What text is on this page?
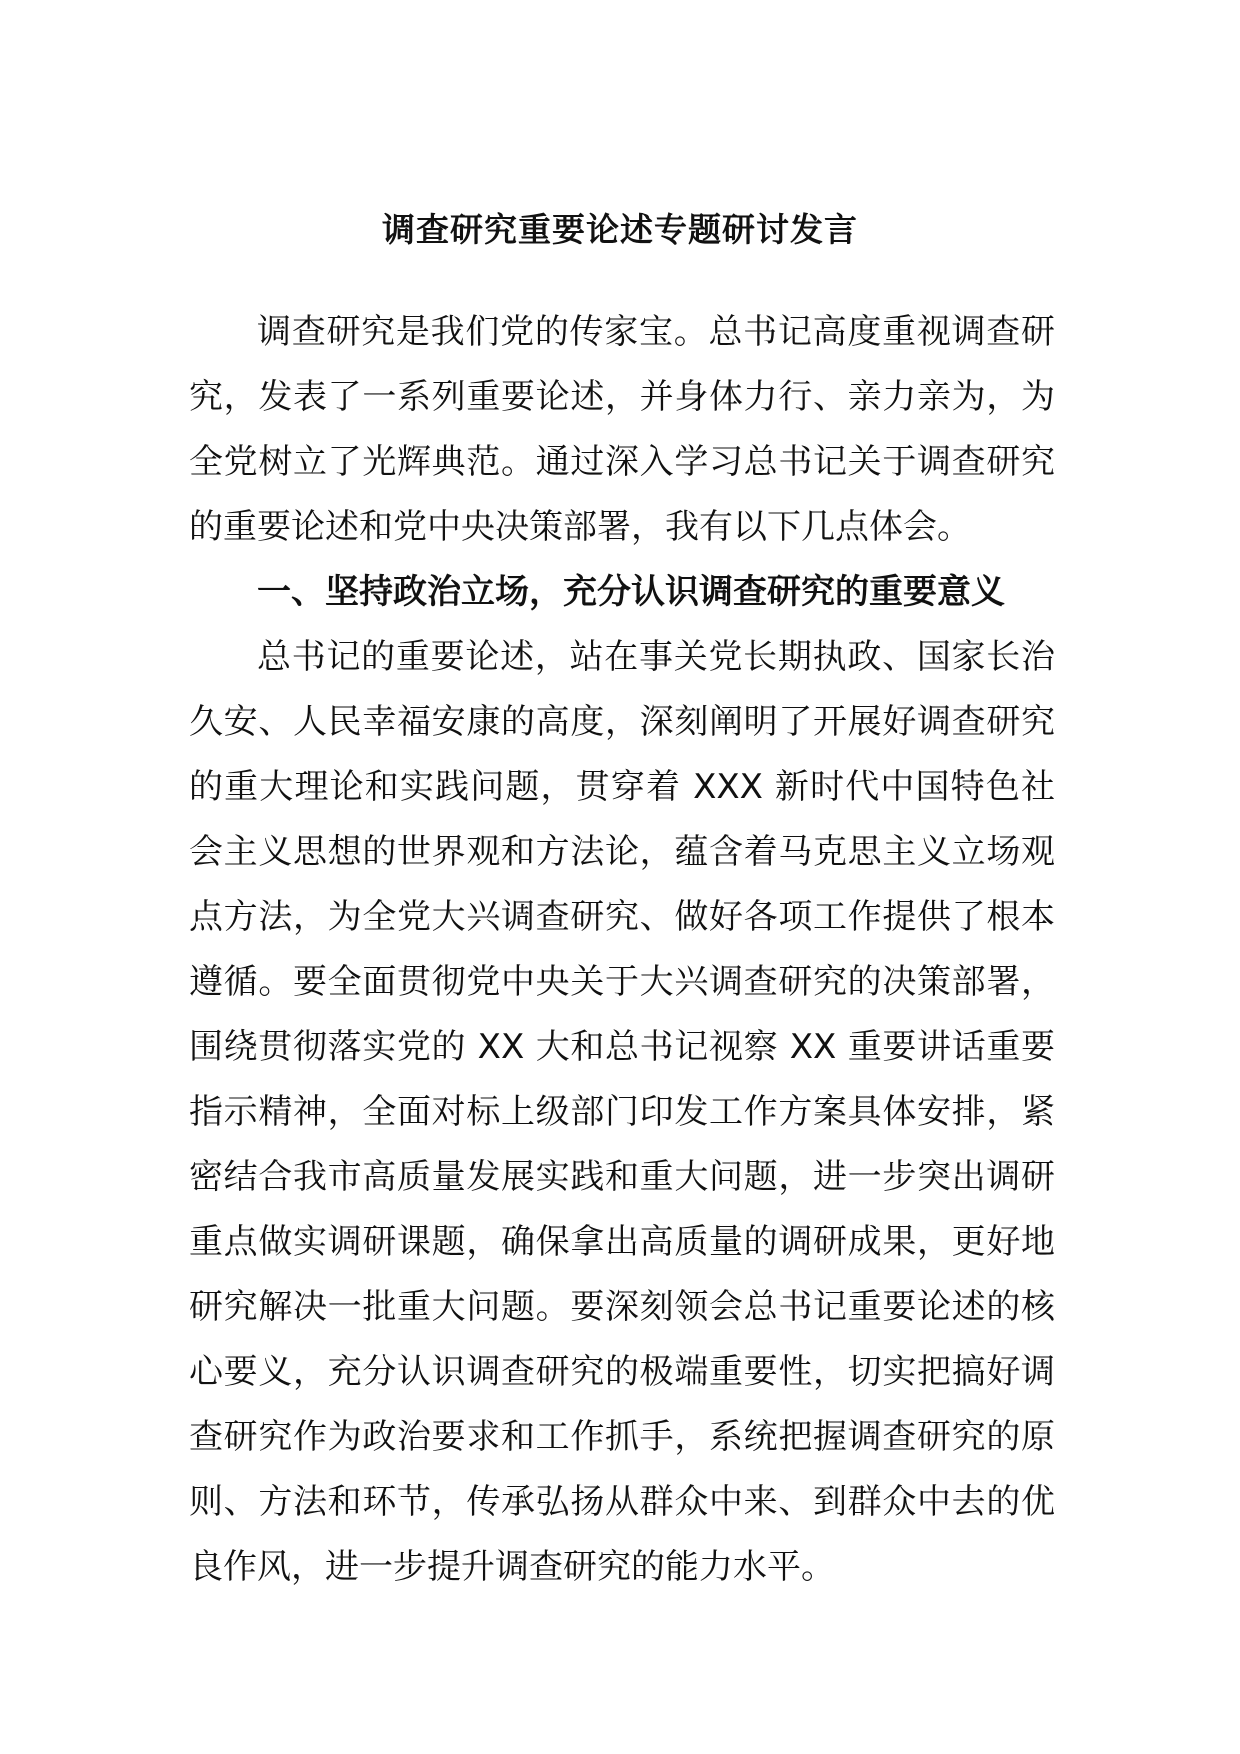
调查研究重要论述专题研讨发言

调查研究是我们党的传家宝。总书记高度重视调查研究，发表了一系列重要论述，并身体力行、亲力亲为，为全党树立了光辉典范。通过深入学习总书记关于调查研究的重要论述和党中央决策部署，我有以下几点体会。

一、坚持政治立场，充分认识调查研究的重要意义

总书记的重要论述，站在事关党长期执政、国家长治久安、人民幸福安康的高度，深刻阐明了开展好调查研究的重大理论和实践问题，贯穿着 XXX 新时代中国特色社会主义思想的世界观和方法论，蕴含着马克思主义立场观点方法，为全党大兴调查研究、做好各项工作提供了根本遵循。要全面贯彻党中央关于大兴调查研究的决策部署，围绕贯彻落实党的 XX 大和总书记视察 XX 重要讲话重要指示精神，全面对标上级部门印发工作方案具体安排，紧密结合我市高质量发展实践和重大问题，进一步突出调研重点做实调研课题，确保拿出高质量的调研成果，更好地研究解决一批重大问题。要深刻领会总书记重要论述的核心要义，充分认识调查研究的极端重要性，切实把搞好调查研究作为政治要求和工作抓手，系统把握调查研究的原则、方法和环节，传承弘扬从群众中来、到群众中去的优良作风，进一步提升调查研究的能力水平。
